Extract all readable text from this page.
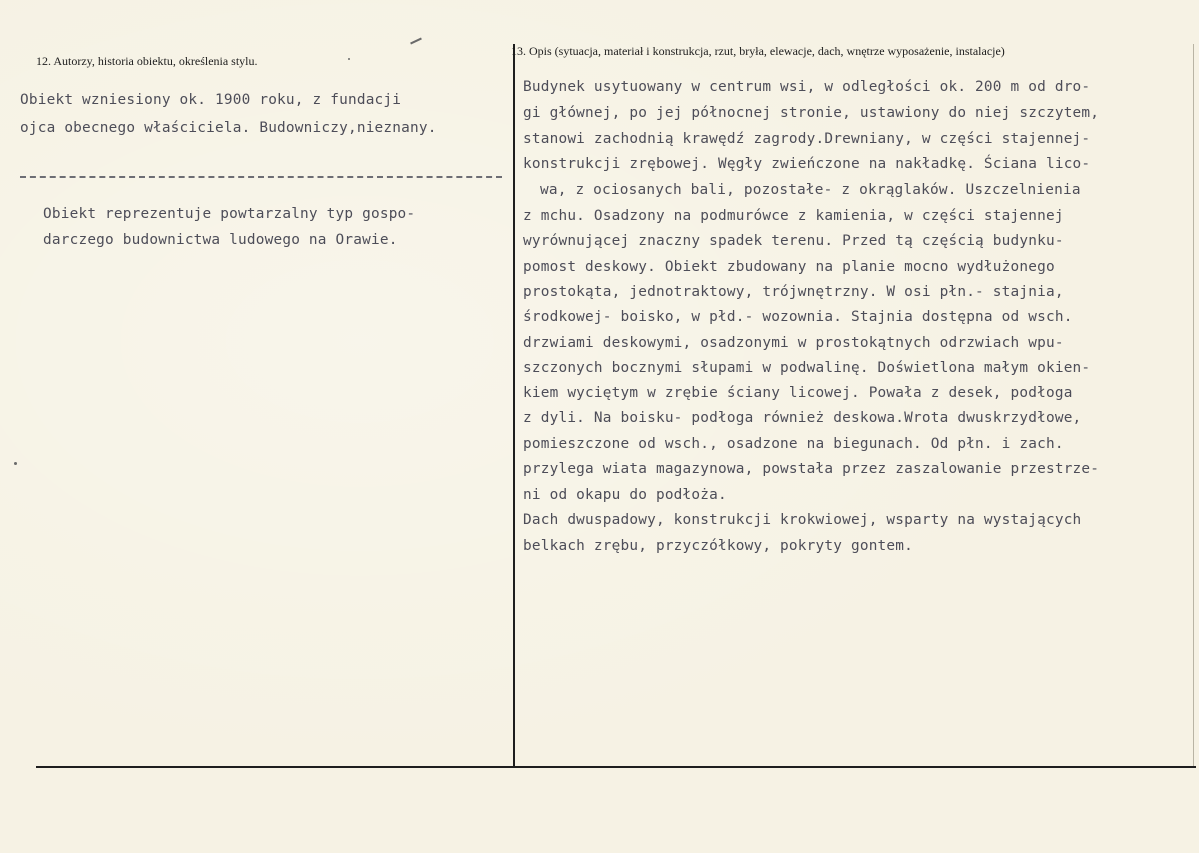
12. Autorzy, historia obiektu, określenia stylu.
Obiekt wzniesiony ok. 1900 roku, z fundacji
ojca obecnego właściciela. Budowniczy,nieznany.
Obiekt reprezentuje powtarzalny typ gospo-
darczego budownictwa ludowego na Orawie.
13. Opis (sytuacja, materiał i konstrukcja, rzut, bryła, elewacje, dach, wnętrze wyposażenie, instalacje)
Budynek usytuowany w centrum wsi, w odległości ok. 200 m od dro-
gi głównej, po jej północnej stronie, ustawiony do niej szczytem,
stanowi zachodnią krawędź zagrody.Drewniany, w części stajennej-
konstrukcji zrębowej. Węgły zwieńczone na nakładkę. Ściana lico-
wa, z ociosanych bali, pozostałe- z okrąglaków. Uszczelnienia
z mchu. Osadzony na podmurówce z kamienia, w części stajennej
wyrównującej znaczny spadek terenu. Przed tą częścią budynku-
pomost deskowy. Obiekt zbudowany na planie mocno wydłużonego
prostokąta, jednotraktowy, trójwnętrzny. W osi płn.- stajnia,
środkowej- boisko, w płd.- wozownia. Stajnia dostępna od wsch.
drzwiami deskowymi, osadzonymi w prostokątnych odrzwiach wpu-
szczonych bocznymi słupami w podwalinę. Doświetlona małym okien-
kiem wyciętym w zrębie ściany licowej. Powała z desek, podłoga
z dyli. Na boisku- podłoga również deskowa.Wrota dwuskrzydłowe,
pomieszczone od wsch., osadzone na biegunach. Od płn. i zach.
przylega wiata magazynowa, powstała przez zaszalowanie przestrze-
ni od okapu do podłoża.
Dach dwuspadowy, konstrukcji krokwiowej, wsparty na wystających
belkach zrębu, przyczółkowy, pokryty gontem.
